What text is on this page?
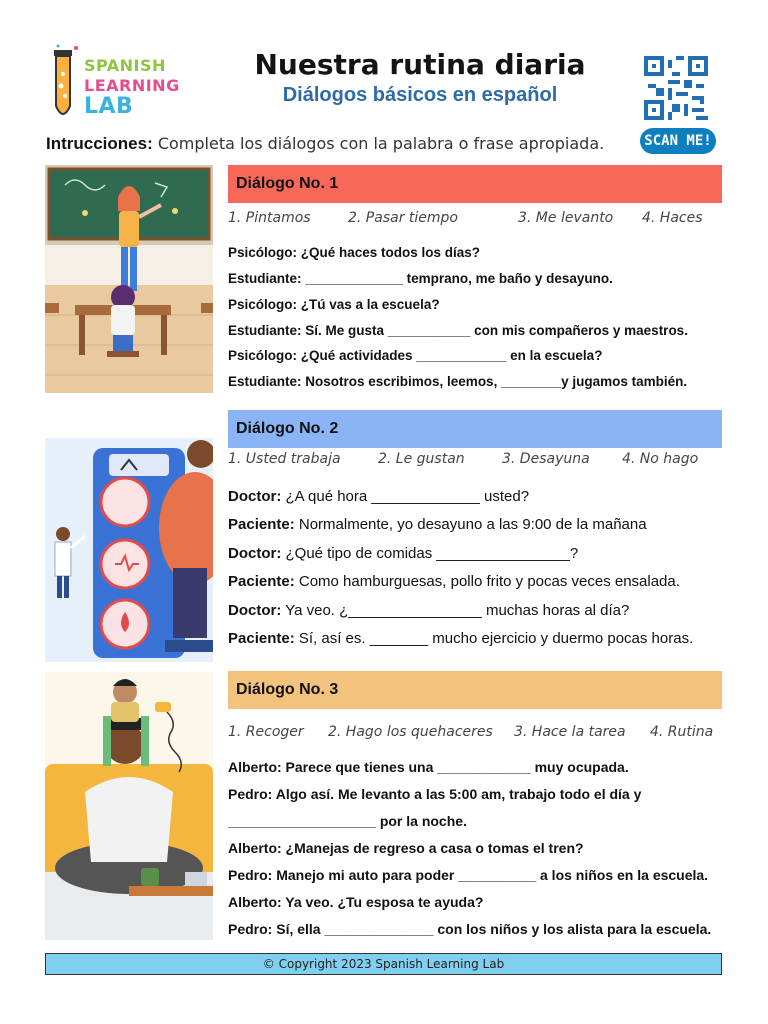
SPANISH
LEARNING
LAB
Nuestra rutina diaria
Diálogos básicos en español
SCAN ME!
Intrucciones: Completa los diálogos con la palabra o frase apropiada.
Diálogo No. 1
1. Pintamos	2. Pasar tiempo	3. Me levanto 4. Haces
Psicólogo: ¿Qué haces todos los días?
Estudiante: _____________ temprano, me baño y desayuno.
Psicólogo: ¿Tú vas a la escuela?
Estudiante: Sí. Me gusta ___________ con mis compañeros y maestros.
Psicólogo: ¿Qué actividades ____________ en la escuela?
Estudiante: Nosotros escribimos, leemos, ________y jugamos también.
Diálogo No. 2
1. Usted trabaja	2. Le gustan	3. Desayuna 4. No hago
Doctor: ¿A qué hora _____________ usted?
Paciente: Normalmente, yo desayuno a las 9:00 de la mañana
Doctor: ¿Qué tipo de comidas ________________?
Paciente: Como hamburguesas, pollo frito y pocas veces ensalada.
Doctor: Ya veo. ¿________________ muchas horas al día?
Paciente: Sí, así es. _______ mucho ejercicio y duermo pocas horas.
Diálogo No. 3
1. Recoger 2. Hago los quehaceres 3. Hace la tarea 4. Rutina
Alberto: Parece que tienes una ____________ muy ocupada.
Pedro: Algo así. Me levanto a las 5:00 am, trabajo todo el día y
___________________ por la noche.
Alberto: ¿Manejas de regreso a casa o tomas el tren?
Pedro: Manejo mi auto para poder __________ a los niños en la escuela.
Alberto: Ya veo. ¿Tu esposa te ayuda?
Pedro: Sí, ella ______________ con los niños y los alista para la escuela.
© Copyright 2023 Spanish Learning Lab
